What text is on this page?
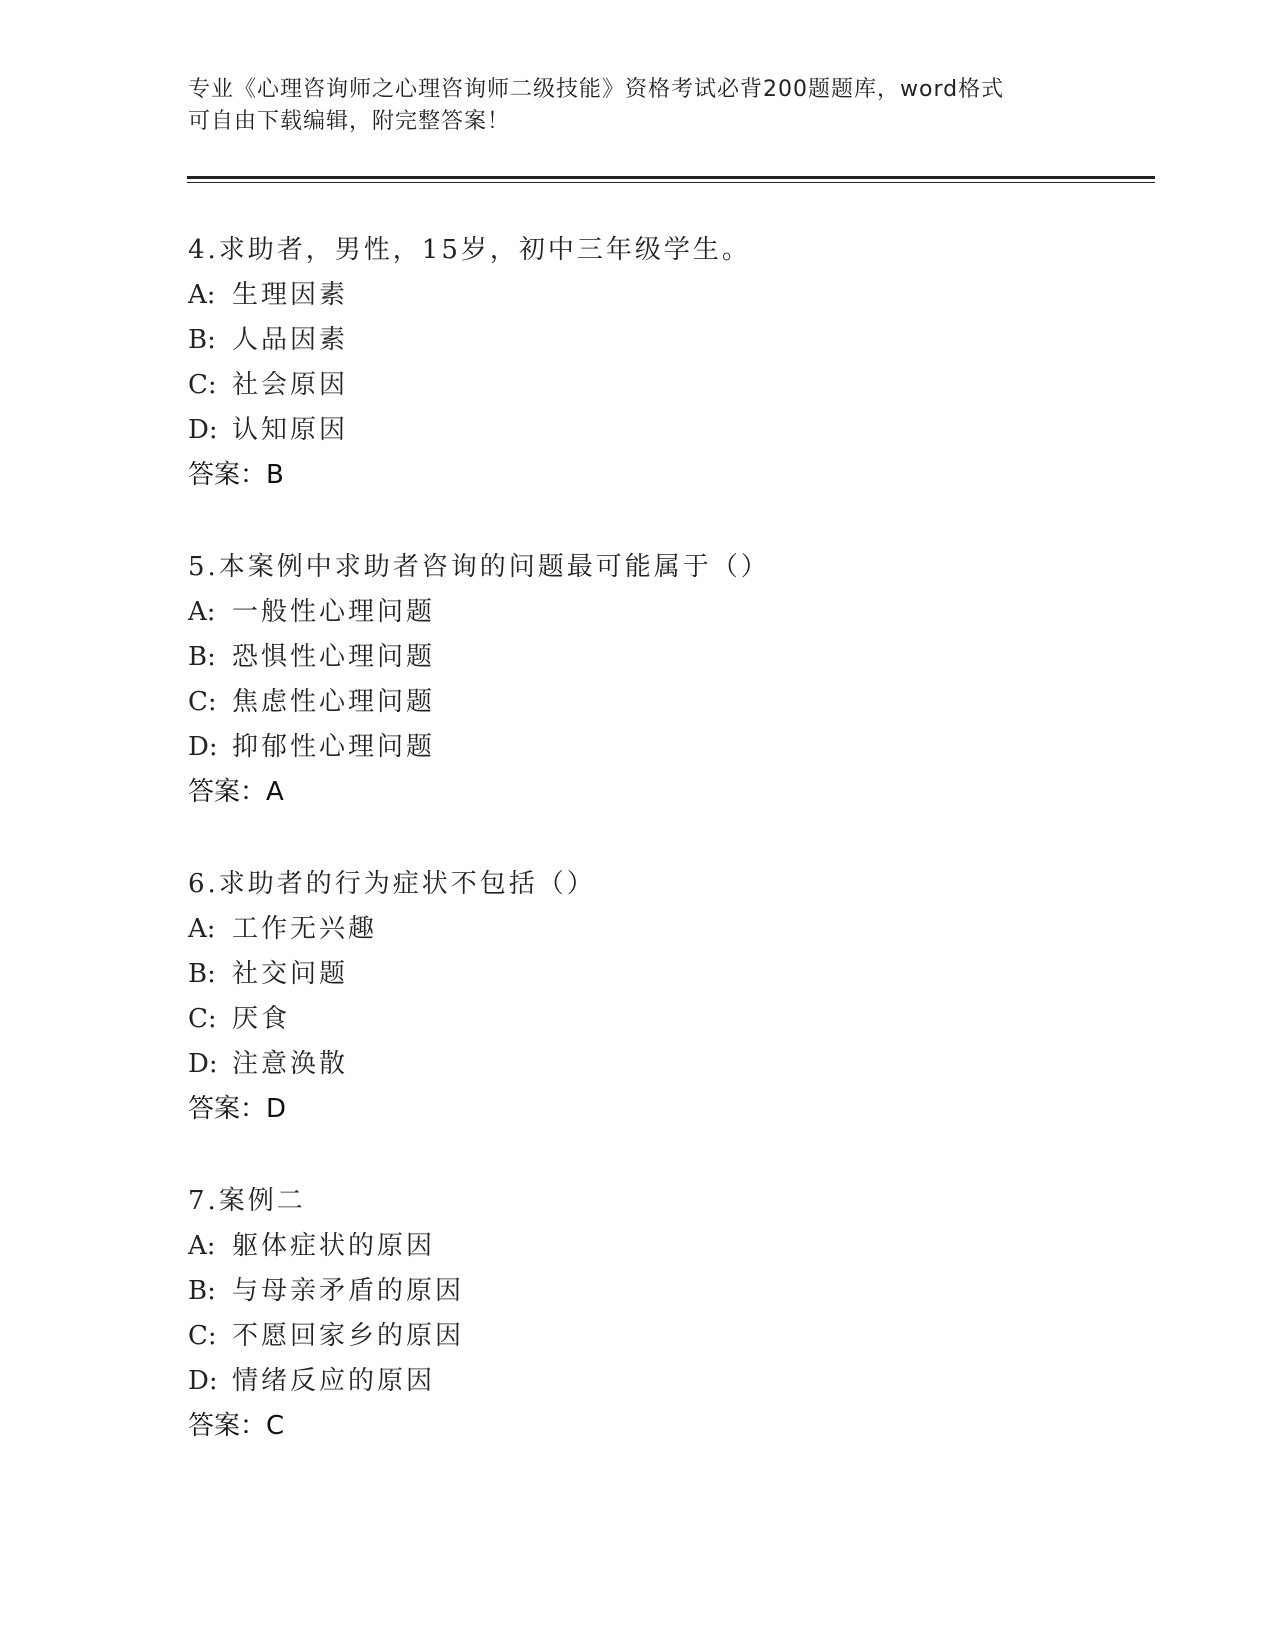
专业《心理咨询师之心理咨询师二级技能》资格考试必背200题题库，word格式
可自由下载编辑，附完整答案！
4.求助者，男性，15岁，初中三年级学生。
A: 生理因素
B: 人品因素
C: 社会原因
D: 认知原因
答案：B
5.本案例中求助者咨询的问题最可能属于（）
A: 一般性心理问题
B: 恐惧性心理问题
C: 焦虑性心理问题
D: 抑郁性心理问题
答案：A
6.求助者的行为症状不包括（）
A: 工作无兴趣
B: 社交问题
C: 厌食
D: 注意涣散
答案：D
7.案例二
A: 躯体症状的原因
B: 与母亲矛盾的原因
C: 不愿回家乡的原因
D: 情绪反应的原因
答案：C
